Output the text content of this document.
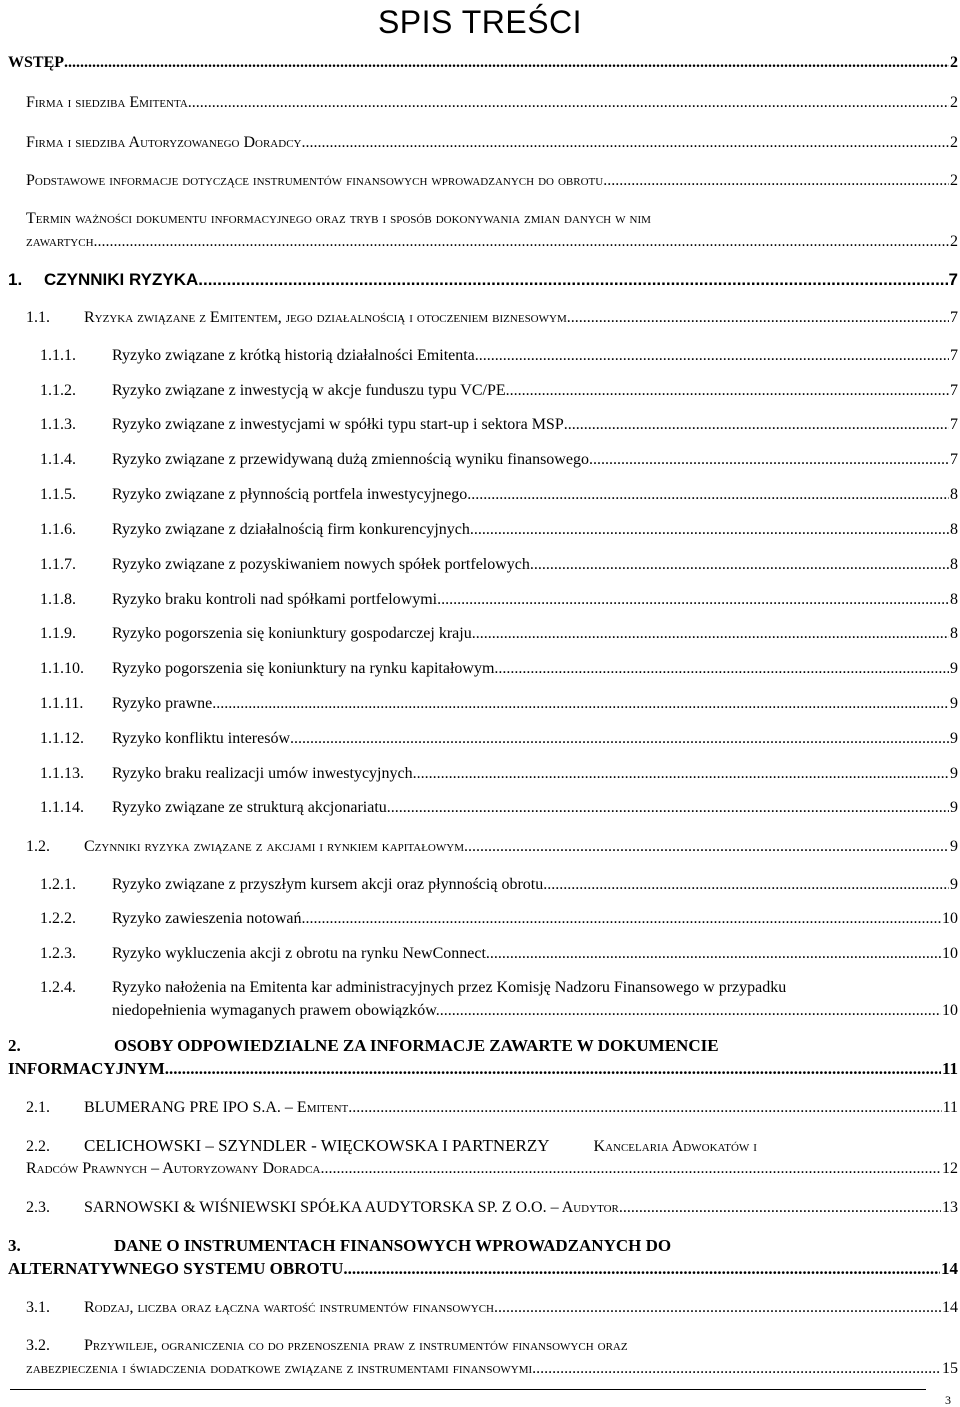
SPIS TREŚCI
WSTĘP .....	2
Firma i siedziba Emitenta .....	2
Firma i siedziba Autoryzowanego Doradcy .....	2
Podstawowe informacje dotyczące instrumentów finansowych wprowadzanych do obrotu .....	2
Termin ważności dokumentu informacyjnego oraz tryb i sposób dokonywania zmian danych w nim
zawartych .....	2
1.	CZYNNIKI RYZYKA .....	7
1.1.	Ryzyka związane z Emitentem, jego działalnością i otoczeniem biznesowym .....	7
1.1.1.	Ryzyko związane z krótką historią działalności Emitenta .....	7
1.1.2.	Ryzyko związane z inwestycją w akcje funduszu typu VC/PE .....	7
1.1.3.	Ryzyko związane z inwestycjami w spółki typu start-up i sektora MSP .....	7
1.1.4.	Ryzyko związane z przewidywaną dużą zmiennością wyniku finansowego .....	7
1.1.5.	Ryzyko związane z płynnością portfela inwestycyjnego .....	8
1.1.6.	Ryzyko związane z działalnością firm konkurencyjnych .....	8
1.1.7.	Ryzyko związane z pozyskiwaniem nowych spółek portfelowych .....	8
1.1.8.	Ryzyko braku kontroli nad spółkami portfelowymi .....	8
1.1.9.	Ryzyko pogorszenia się koniunktury gospodarczej kraju .....	8
1.1.10.	Ryzyko pogorszenia się koniunktury na rynku kapitałowym .....	9
1.1.11.	Ryzyko prawne .....	9
1.1.12.	Ryzyko konfliktu interesów .....	9
1.1.13.	Ryzyko braku realizacji umów inwestycyjnych .....	9
1.1.14.	Ryzyko związane ze strukturą akcjonariatu .....	9
1.2.	Czynniki ryzyka związane z akcjami i rynkiem kapitałowym .....	9
1.2.1.	Ryzyko związane z przyszłym kursem akcji oraz płynnością obrotu .....	9
1.2.2.	Ryzyko zawieszenia notowań .....	10
1.2.3.	Ryzyko wykluczenia akcji z obrotu na rynku NewConnect .....	10
1.2.4. Ryzyko nałożenia na Emitenta kar administracyjnych przez Komisję Nadzoru Finansowego w przypadku
niedopełnienia wymaganych prawem obowiązków. .....	10
2.	OSOBY ODPOWIEDZIALNE ZA INFORMACJE ZAWARTE W DOKUMENCIE
INFORMACYJNYM .....	11
2.1.	BLUMERANG PRE IPO S.A. – Emitent .....	11
2.2. CELICHOWSKI – SZYNDLER - WIĘCKOWSKA I PARTNERZY	Kancelaria Adwokatów i
Radców Prawnych – Autoryzowany Doradca .....	12
2.3.	SARNOWSKI & WIŚNIEWSKI SPÓŁKA AUDYTORSKA SP. Z O.O. – Audytor .....	13
3.	DANE O INSTRUMENTACH FINANSOWYCH WPROWADZANYCH DO
ALTERNATYWNEGO SYSTEMU OBROTU .....	14
3.1.	Rodzaj, liczba oraz łączna wartość instrumentów finansowych .....	14
3.2. Przywileje, ograniczenia co do przenoszenia praw z instrumentów finansowych oraz
zabezpieczenia i świadczenia dodatkowe związane z instrumentami finansowymi .....	15
3
